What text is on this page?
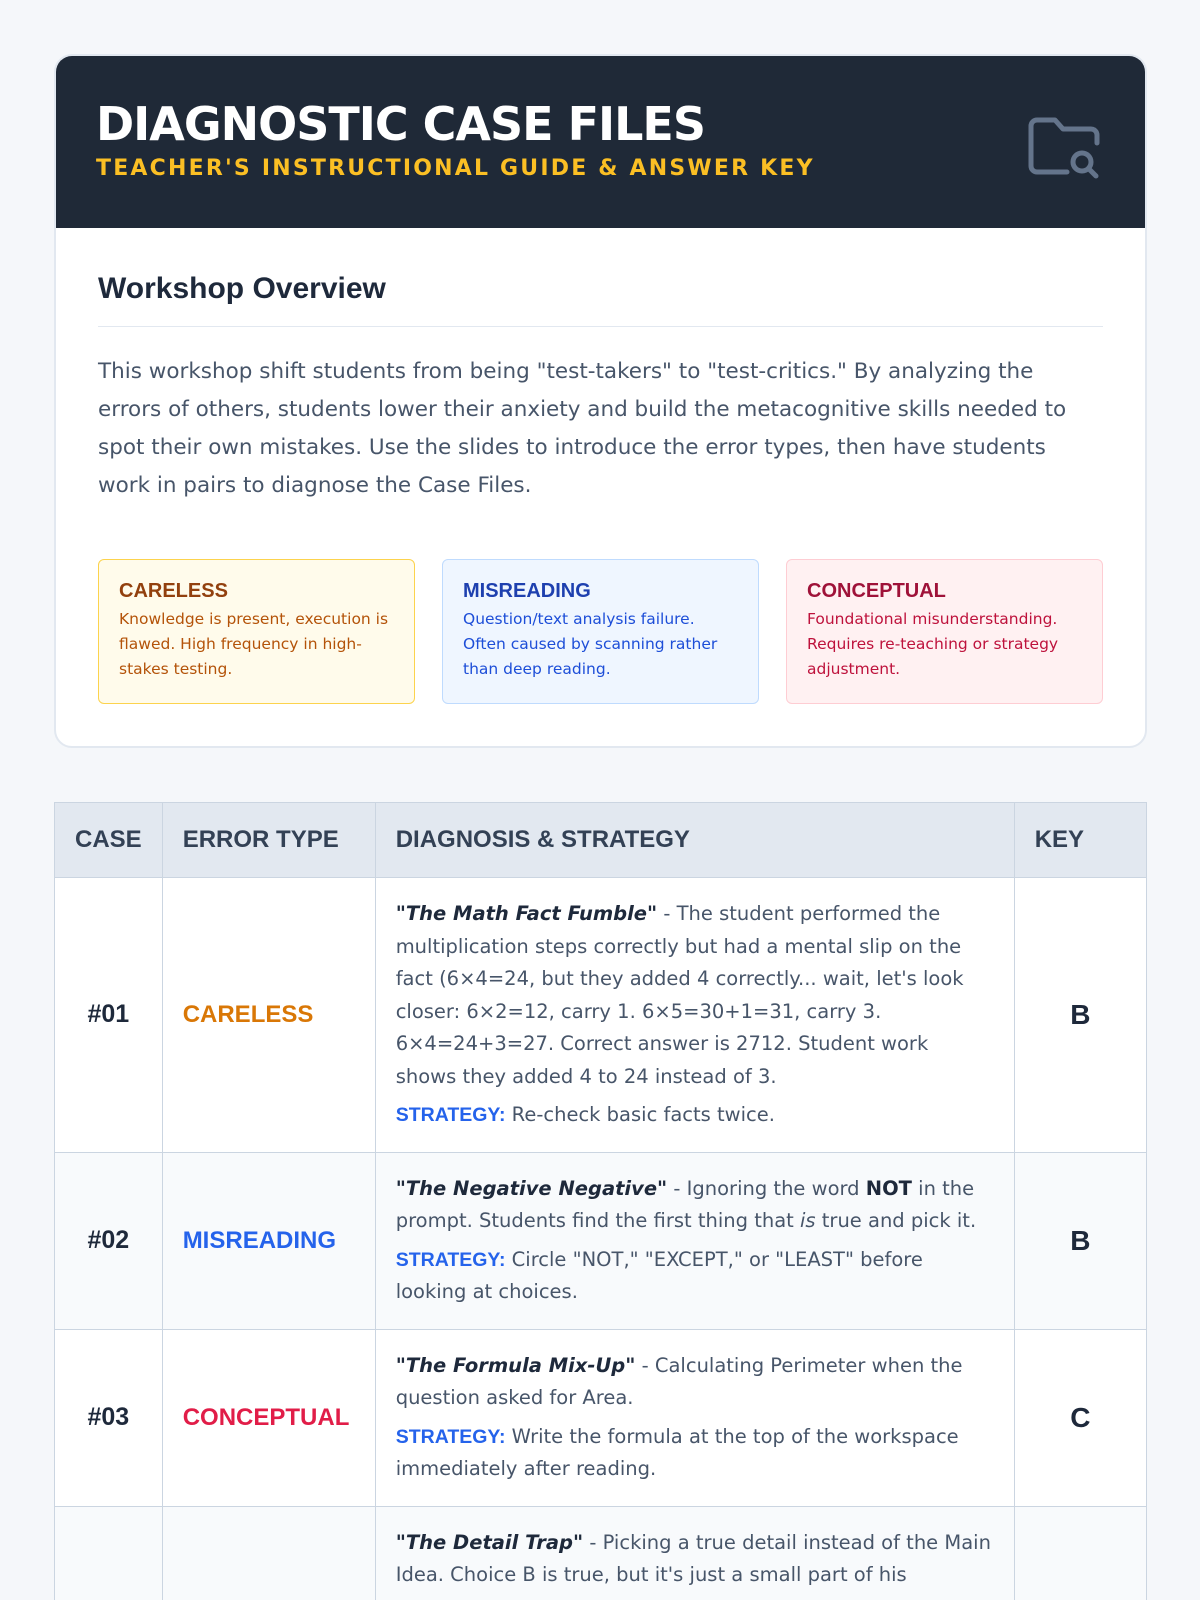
DIAGNOSTIC CASE FILES
TEACHER'S INSTRUCTIONAL GUIDE & ANSWER KEY
Workshop Overview
This workshop shift students from being "test-takers" to "test-critics." By analyzing the errors of others, students lower their anxiety and build the metacognitive skills needed to spot their own mistakes. Use the slides to introduce the error types, then have students work in pairs to diagnose the Case Files.
CARELESS
Knowledge is present, execution is flawed. High frequency in high-stakes testing.
MISREADING
Question/text analysis failure. Often caused by scanning rather than deep reading.
CONCEPTUAL
Foundational misunderstanding. Requires re-teaching or strategy adjustment.
CASE	ERROR TYPE	DIAGNOSIS & STRATEGY	KEY
#01	CARELESS	"The Math Fact Fumble" - The student performed the multiplication steps correctly but had a mental slip on the fact (6×4=24, but they added 4 correctly... wait, let's look closer: 6×2=12, carry 1. 6×5=30+1=31, carry 3. 6×4=24+3=27. Correct answer is 2712. Student work shows they added 4 to 24 instead of 3.
STRATEGY: Re-check basic facts twice.	B
#02	MISREADING	"The Negative Negative" - Ignoring the word NOT in the prompt. Students find the first thing that is true and pick it.
STRATEGY: Circle "NOT," "EXCEPT," or "LEAST" before looking at choices.	B
#03	CONCEPTUAL	"The Formula Mix-Up" - Calculating Perimeter when the question asked for Area.
STRATEGY: Write the formula at the top of the workspace immediately after reading.	C

		"The Detail Trap" - Picking a true detail instead of the Main Idea. Choice B is true, but it's just a small part of his	
